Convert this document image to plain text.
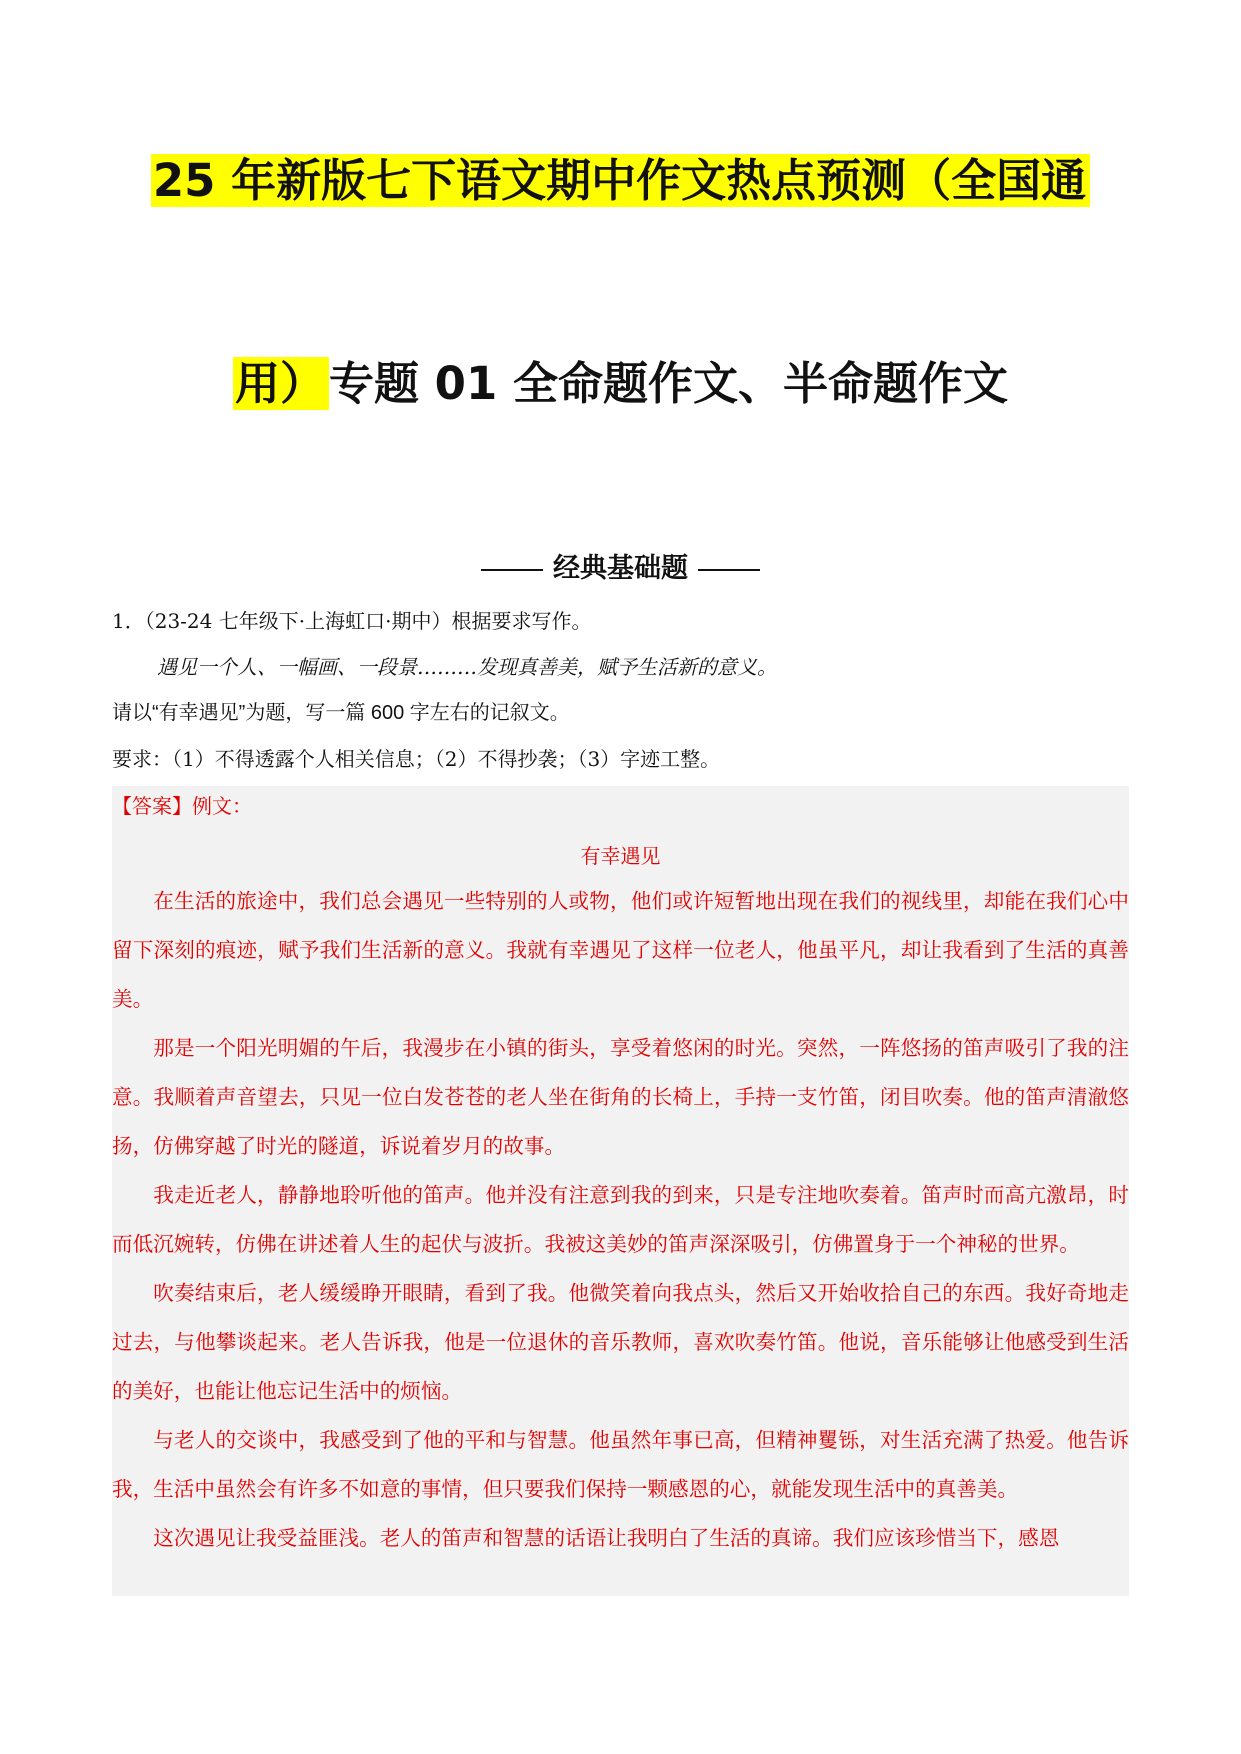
25 年新版七下语文期中作文热点预测（全国通
用）专题 01 全命题作文、半命题作文
经典基础题
1．（23-24 七年级下·上海虹口·期中）根据要求写作。
遇见一个人、一幅画、一段景………发现真善美，赋予生活新的意义。
请以“有幸遇见”为题，写一篇 600 字左右的记叙文。
要求：（1）不得透露个人相关信息；（2）不得抄袭；（3）字迹工整。
【答案】例文：
有幸遇见

在生活的旅途中，我们总会遇见一些特别的人或物，他们或许短暂地出现在我们的视线里，却能在我们心中留下深刻的痕迹，赋予我们生活新的意义。我就有幸遇见了这样一位老人，他虽平凡，却让我看到了生活的真善美。

那是一个阳光明媚的午后，我漫步在小镇的街头，享受着悠闲的时光。突然，一阵悠扬的笛声吸引了我的注意。我顺着声音望去，只见一位白发苍苍的老人坐在街角的长椅上，手持一支竹笛，闭目吹奏。他的笛声清澈悠扬，仿佛穿越了时光的隧道，诉说着岁月的故事。

我走近老人，静静地聆听他的笛声。他并没有注意到我的到来，只是专注地吹奏着。笛声时而高亢激昂，时而低沉婉转，仿佛在讲述着人生的起伏与波折。我被这美妙的笛声深深吸引，仿佛置身于一个神秘的世界。

吹奏结束后，老人缓缓睁开眼睛，看到了我。他微笑着向我点头，然后又开始收拾自己的东西。我好奇地走过去，与他攀谈起来。老人告诉我，他是一位退休的音乐教师，喜欢吹奏竹笛。他说，音乐能够让他感受到生活的美好，也能让他忘记生活中的烦恼。

与老人的交谈中，我感受到了他的平和与智慧。他虽然年事已高，但精神矍铄，对生活充满了热爱。他告诉我，生活中虽然会有许多不如意的事情，但只要我们保持一颗感恩的心，就能发现生活中的真善美。

这次遇见让我受益匪浅。老人的笛声和智慧的话语让我明白了生活的真谛。我们应该珍惜当下，感恩
